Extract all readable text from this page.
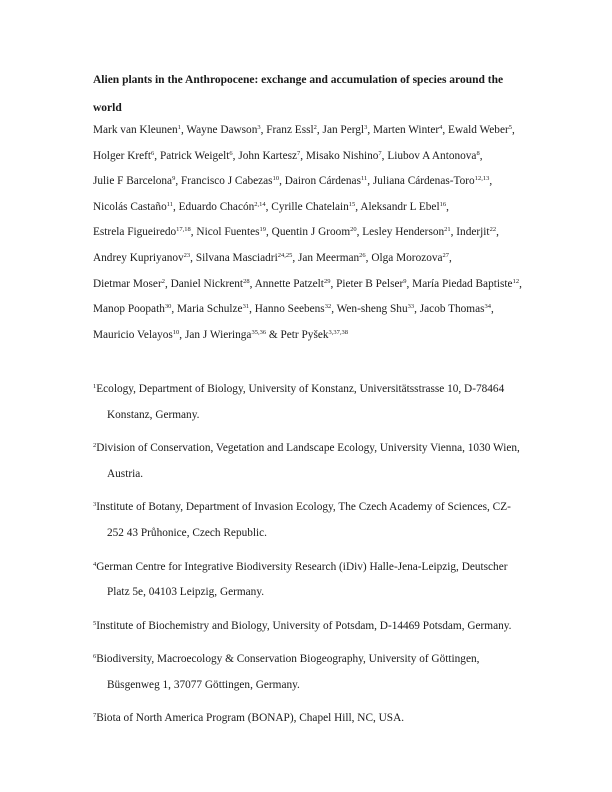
Alien plants in the Anthropocene: exchange and accumulation of species around the world

Mark van Kleunen$^1$, Wayne Dawson$^3$, Franz Essl$^2$, Jan Pergl$^3$, Marten Winter$^4$, Ewald Weber$^5$, Holger Kreft$^6$, Patrick Weigelt$^6$, John Kartesz$^7$, Misako Nishino$^7$, Liubov A Antonova$^8$, Julie F Barcelona$^9$, Francisco J Cabezas$^{10}$, Dairon Cárdenas$^{11}$, Juliana Cárdenas-Toro$^{12,13}$, Nicolás Castaño$^{11}$, Eduardo Chacón$^{2,14}$, Cyrille Chatelain$^{15}$, Aleksandr L Ebel$^{16}$, Estrela Figueiredo$^{17,18}$, Nicol Fuentes$^{19}$, Quentin J Groom$^{20}$, Lesley Henderson$^{21}$, Inderjit$^{22}$, Andrey Kupriyanov$^{23}$, Silvana Masciadri$^{24,25}$, Jan Meerman$^{26}$, Olga Morozova$^{27}$, Dietmar Moser$^2$, Daniel Nickrent$^{28}$, Annette Patzelt$^{29}$, Pieter B Pelser$^9$, María Piedad Baptiste$^{12}$, Manop Poopath$^{30}$, Maria Schulze$^{31}$, Hanno Seebens$^{32}$, Wen-sheng Shu$^{33}$, Jacob Thomas$^{34}$, Mauricio Velayos$^{10}$, Jan J Wieringa$^{35,36}$ & Petr Pyšek$^{3,37,38}$

$^1$Ecology, Department of Biology, University of Konstanz, Universitätsstrasse 10, D-78464 Konstanz, Germany.
$^2$Division of Conservation, Vegetation and Landscape Ecology, University Vienna, 1030 Wien, Austria.
$^3$Institute of Botany, Department of Invasion Ecology, The Czech Academy of Sciences, CZ-252 43 Průhonice, Czech Republic.
$^4$German Centre for Integrative Biodiversity Research (iDiv) Halle-Jena-Leipzig, Deutscher Platz 5e, 04103 Leipzig, Germany.
$^5$Institute of Biochemistry and Biology, University of Potsdam, D-14469 Potsdam, Germany.
$^6$Biodiversity, Macroecology & Conservation Biogeography, University of Göttingen, Büsgenweg 1, 37077 Göttingen, Germany.
$^7$Biota of North America Program (BONAP), Chapel Hill, NC, USA.
